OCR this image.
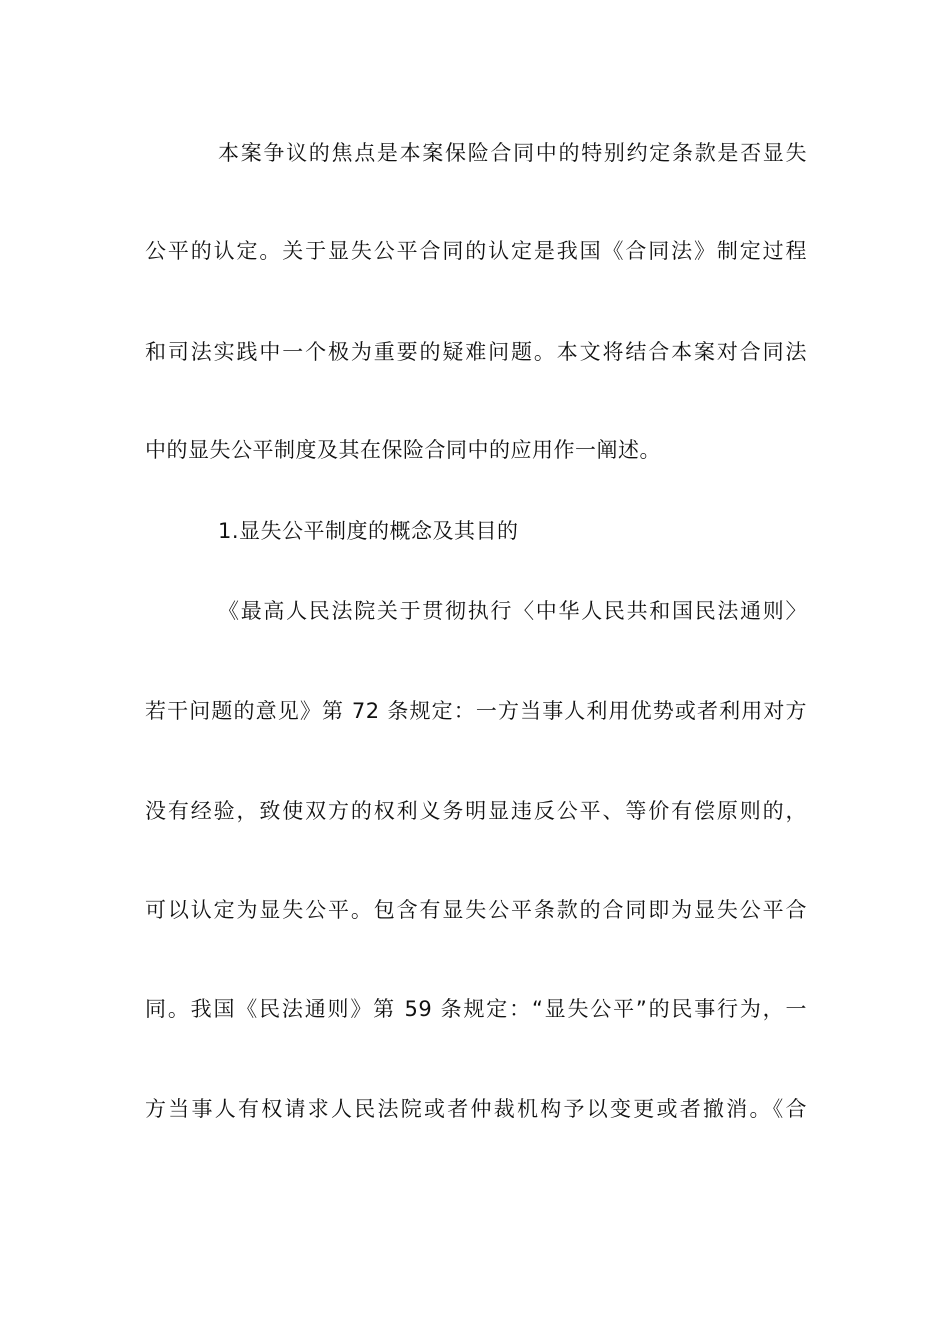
本案争议的焦点是本案保险合同中的特别约定条款是否显失
公平的认定。关于显失公平合同的认定是我国《合同法》制定过程
和司法实践中一个极为重要的疑难问题。本文将结合本案对合同法
中的显失公平制度及其在保险合同中的应用作一阐述。
1.显失公平制度的概念及其目的
《最高人民法院关于贯彻执行〈中华人民共和国民法通则〉
若干问题的意见》第 72 条规定：一方当事人利用优势或者利用对方
没有经验，致使双方的权利义务明显违反公平、等价有偿原则的，
可以认定为显失公平。包含有显失公平条款的合同即为显失公平合
同。我国《民法通则》第 59 条规定：“显失公平”的民事行为，一
方当事人有权请求人民法院或者仲裁机构予以变更或者撤消。《合
